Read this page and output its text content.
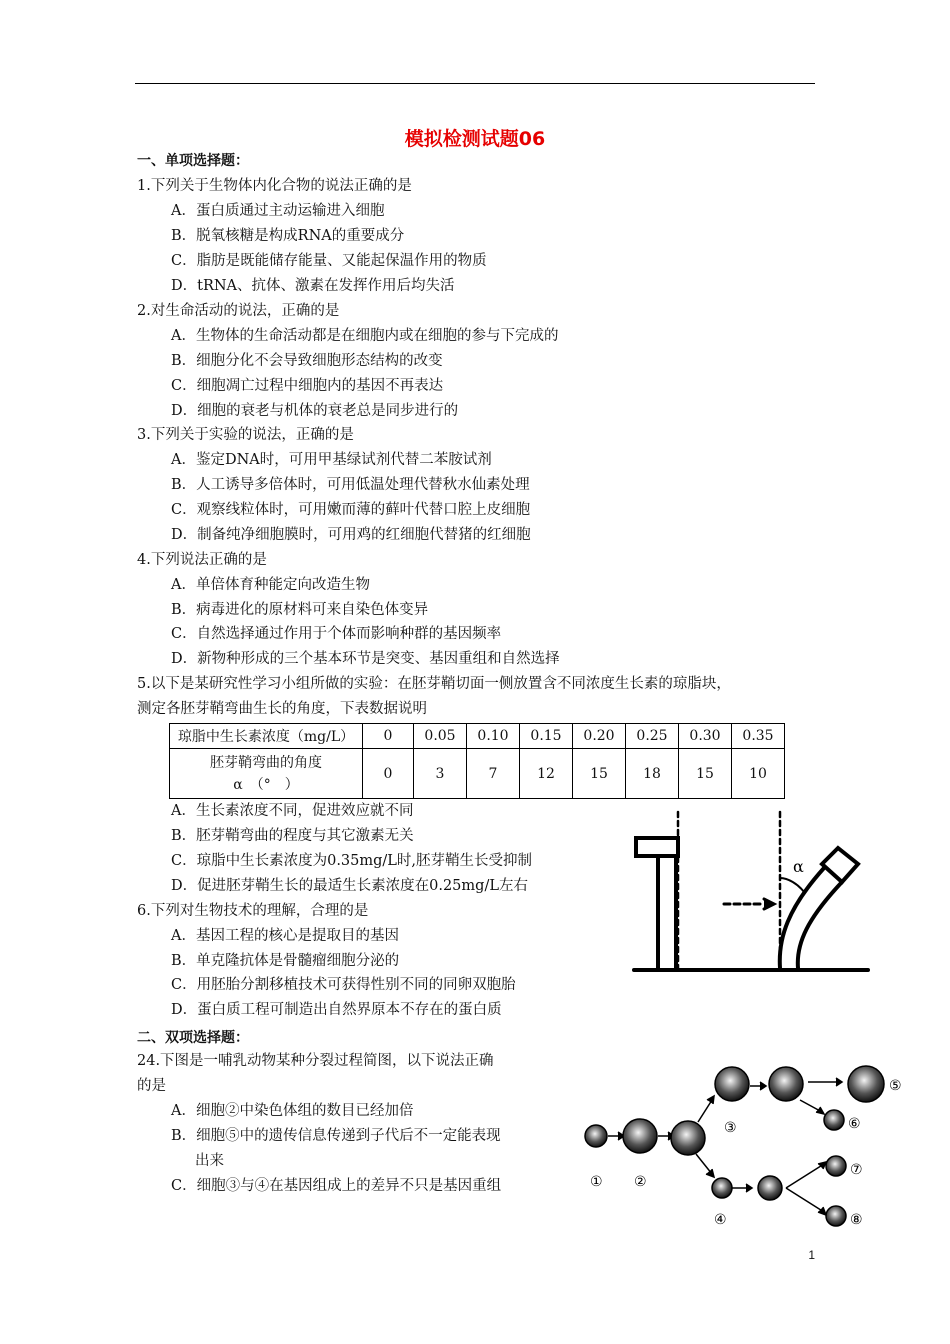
模拟检测试题06
一、单项选择题：
1.下列关于生物体内化合物的说法正确的是
A．蛋白质通过主动运输进入细胞
B．脱氧核糖是构成RNA的重要成分
C．脂肪是既能储存能量、又能起保温作用的物质
D．tRNA、抗体、激素在发挥作用后均失活
2.对生命活动的说法，正确的是
A．生物体的生命活动都是在细胞内或在细胞的参与下完成的
B．细胞分化不会导致细胞形态结构的改变
C．细胞凋亡过程中细胞内的基因不再表达
D．细胞的衰老与机体的衰老总是同步进行的
3.下列关于实验的说法，正确的是
A．鉴定DNA时，可用甲基绿试剂代替二苯胺试剂
B．人工诱导多倍体时，可用低温处理代替秋水仙素处理
C．观察线粒体时，可用嫩而薄的藓叶代替口腔上皮细胞
D．制备纯净细胞膜时，可用鸡的红细胞代替猪的红细胞
4.下列说法正确的是
A．单倍体育种能定向改造生物
B．病毒进化的原材料可来自染色体变异
C．自然选择通过作用于个体而影响种群的基因频率
D．新物种形成的三个基本环节是突变、基因重组和自然选择
5.以下是某研究性学习小组所做的实验：在胚芽鞘切面一侧放置含不同浓度生长素的琼脂块，
测定各胚芽鞘弯曲生长的角度，下表数据说明
琼脂中生长素浓度（mg/L）	0	0.05	0.10	0.15	0.20	0.25	0.30	0.35

胚芽鞘弯曲的角度
α　（°　）	0	3	7	12	15	18	15	10
A．生长素浓度不同，促进效应就不同
B．胚芽鞘弯曲的程度与其它激素无关
C．琼脂中生长素浓度为0.35mg/L时,胚芽鞘生长受抑制
D．促进胚芽鞘生长的最适生长素浓度在0.25mg/L左右
α
6.下列对生物技术的理解，合理的是
A．基因工程的核心是提取目的基因
B．单克隆抗体是骨髓瘤细胞分泌的
C．用胚胎分割移植技术可获得性别不同的同卵双胞胎
D．蛋白质工程可制造出自然界原本不存在的蛋白质
二、双项选择题：
24.下图是一哺乳动物某种分裂过程简图，以下说法正确
的是
A．细胞②中染色体组的数目已经加倍
B．细胞⑤中的遗传信息传递到子代后不一定能表现
出来
C．细胞③与④在基因组成上的差异不只是基因重组	① ②
③
④
⑤
⑥
⑦
⑧
1
